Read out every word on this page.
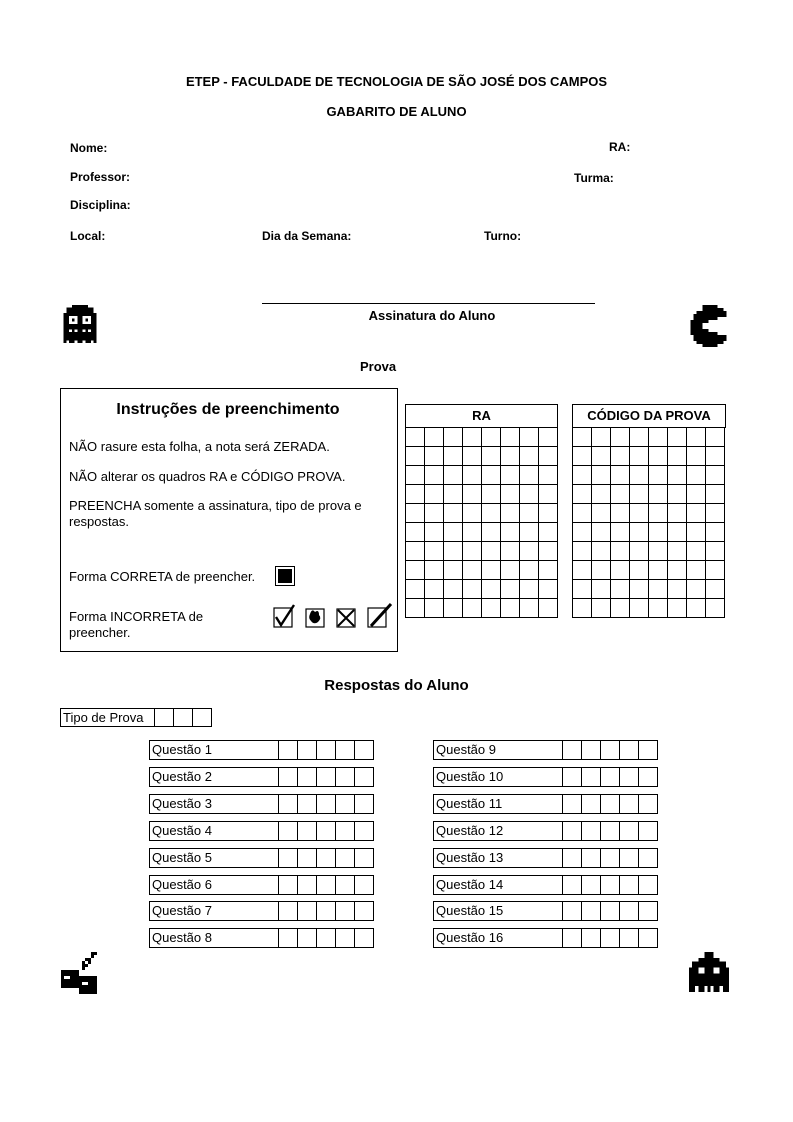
ETEP - FACULDADE DE TECNOLOGIA DE SÃO JOSÉ DOS CAMPOS
GABARITO DE ALUNO
Nome:	RA:
Professor:	Turma:
Disciplina:
Local:	Dia da Semana:	Turno:
Assinatura do Aluno
Prova
Instruções de preenchimento
NÃO rasure esta folha, a nota será ZERADA.
NÃO alterar os quadros RA e CÓDIGO PROVA.
PREENCHA somente a assinatura, tipo de prova e respostas.
Forma CORRETA de preencher.
Forma INCORRETA de preencher.
RA

								CÓDIGO DA PROVA

Respostas do Aluno
Tipo de Prova
Questão 1
Questão 2
Questão 3
Questão 4
Questão 5
Questão 6
Questão 7
Questão 8
Questão 9
Questão 10
Questão 11
Questão 12
Questão 13
Questão 14
Questão 15
Questão 16
